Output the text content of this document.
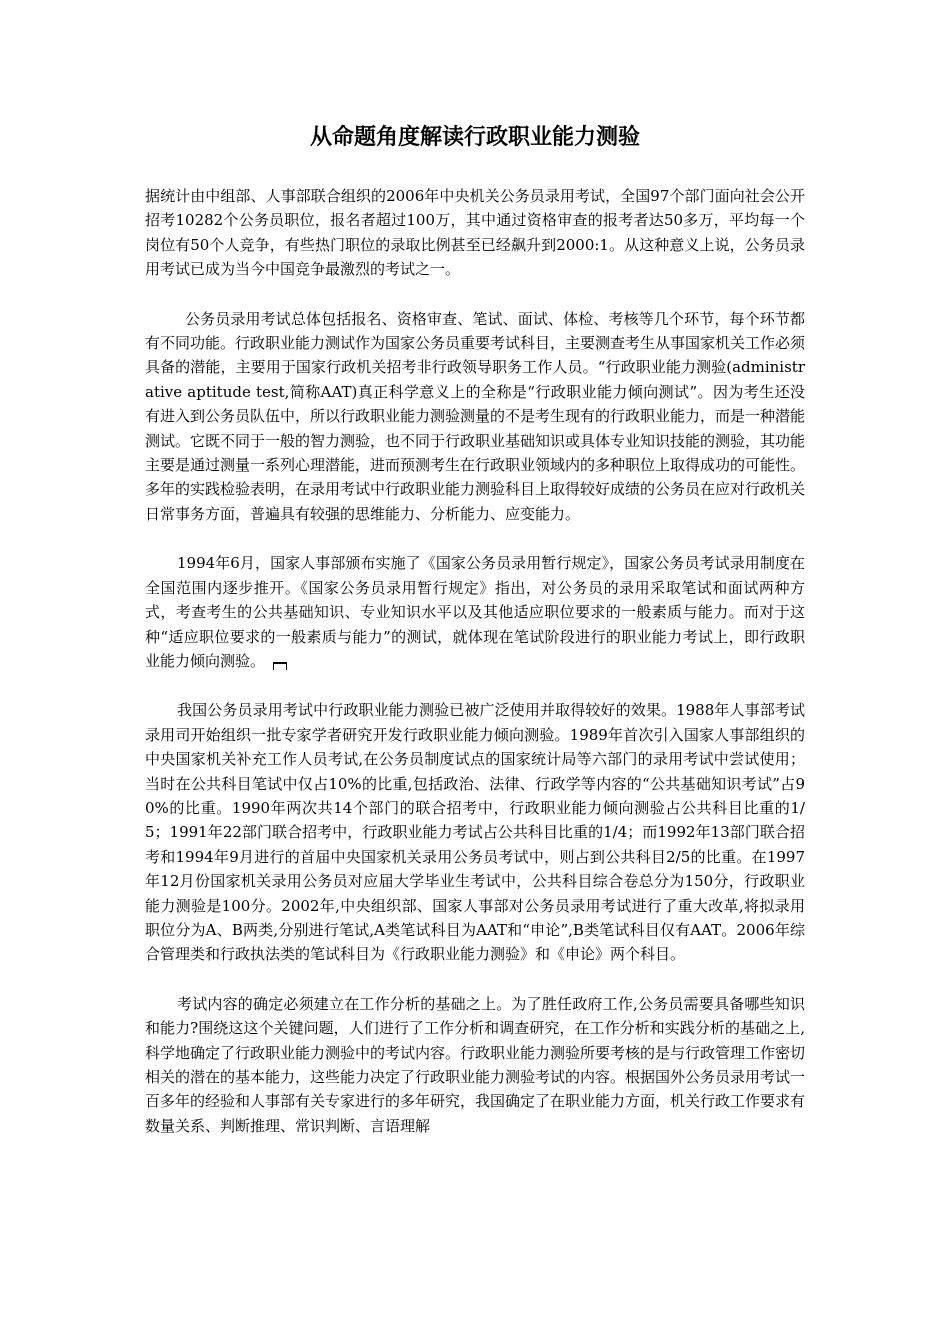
从命题角度解读行政职业能力测验

据统计由中组部、人事部联合组织的2006年中央机关公务员录用考试，全国97个部门面向社会公开招考10282个公务员职位，报名者超过100万，其中通过资格审查的报考者达50多万，平均每一个岗位有50个人竞争，有些热门职位的录取比例甚至已经飙升到2000:1。从这种意义上说，公务员录用考试已成为当今中国竞争最激烈的考试之一。

公务员录用考试总体包括报名、资格审查、笔试、面试、体检、考核等几个环节，每个环节都有不同功能。行政职业能力测试作为国家公务员重要考试科目，主要测查考生从事国家机关工作必须具备的潜能，主要用于国家行政机关招考非行政领导职务工作人员。“行政职业能力测验(administrative aptitude test,简称AAT)真正科学意义上的全称是“行政职业能力倾向测试”。因为考生还没有进入到公务员队伍中，所以行政职业能力测验测量的不是考生现有的行政职业能力，而是一种潜能测试。它既不同于一般的智力测验，也不同于行政职业基础知识或具体专业知识技能的测验，其功能主要是通过测量一系列心理潜能，进而预测考生在行政职业领域内的多种职位上取得成功的可能性。多年的实践检验表明，在录用考试中行政职业能力测验科目上取得较好成绩的公务员在应对行政机关日常事务方面，普遍具有较强的思维能力、分析能力、应变能力。

1994年6月，国家人事部颁布实施了《国家公务员录用暂行规定》，国家公务员考试录用制度在全国范围内逐步推开。《国家公务员录用暂行规定》指出，对公务员的录用采取笔试和面试两种方式，考查考生的公共基础知识、专业知识水平以及其他适应职位要求的一般素质与能力。而对于这种“适应职位要求的一般素质与能力”的测试，就体现在笔试阶段进行的职业能力考试上，即行政职业能力倾向测验。

我国公务员录用考试中行政职业能力测验已被广泛使用并取得较好的效果。1988年人事部考试录用司开始组织一批专家学者研究开发行政职业能力倾向测验。1989年首次引入国家人事部组织的中央国家机关补充工作人员考试,在公务员制度试点的国家统计局等六部门的录用考试中尝试使用；当时在公共科目笔试中仅占10%的比重,包括政治、法律、行政学等内容的“公共基础知识考试”占90%的比重。1990年两次共14个部门的联合招考中，行政职业能力倾向测验占公共科目比重的1/5；1991年22部门联合招考中，行政职业能力考试占公共科目比重的1/4；而1992年13部门联合招考和1994年9月进行的首届中央国家机关录用公务员考试中，则占到公共科目2/5的比重。在1997年12月份国家机关录用公务员对应届大学毕业生考试中，公共科目综合卷总分为150分，行政职业能力测验是100分。2002年,中央组织部、国家人事部对公务员录用考试进行了重大改革,将拟录用职位分为A、B两类,分别进行笔试,A类笔试科目为AAT和“申论”,B类笔试科目仅有AAT。2006年综合管理类和行政执法类的笔试科目为《行政职业能力测验》和《申论》两个科目。

考试内容的确定必须建立在工作分析的基础之上。为了胜任政府工作,公务员需要具备哪些知识和能力?围绕这这个关键问题，人们进行了工作分析和调查研究，在工作分析和实践分析的基础之上,科学地确定了行政职业能力测验中的考试内容。行政职业能力测验所要考核的是与行政管理工作密切相关的潜在的基本能力，这些能力决定了行政职业能力测验考试的内容。根据国外公务员录用考试一百多年的经验和人事部有关专家进行的多年研究，我国确定了在职业能力方面，机关行政工作要求有数量关系、判断推理、常识判断、言语理解
